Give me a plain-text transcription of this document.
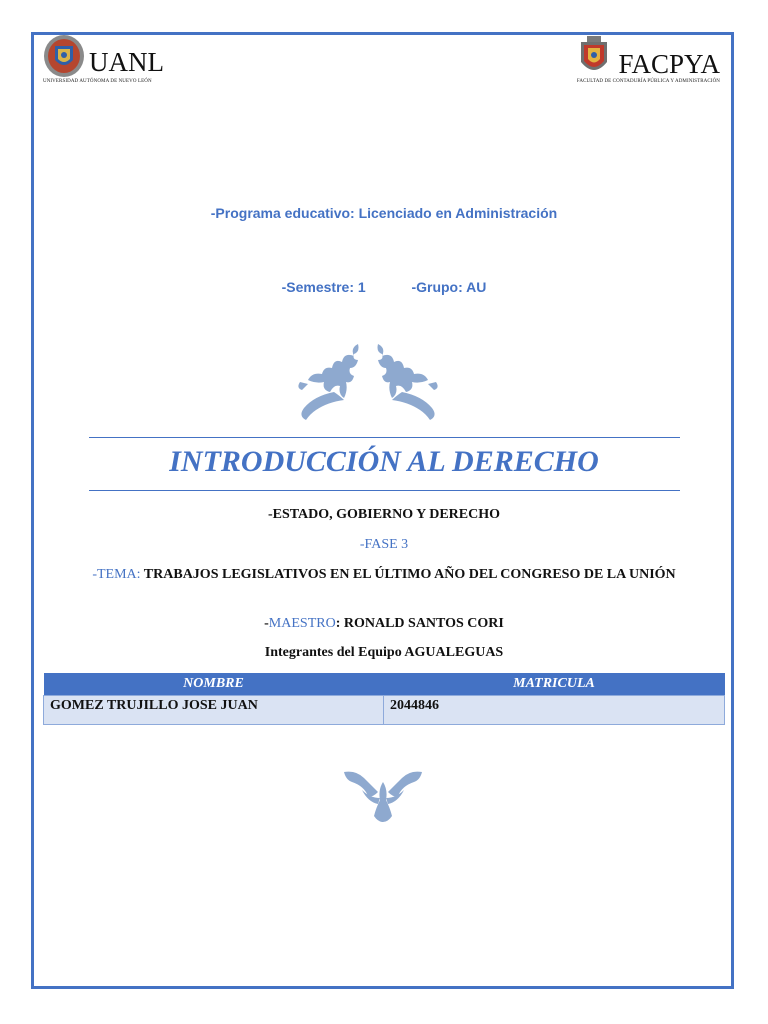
UANL
UNIVERSIDAD AUTÓNOMA DE NUEVO LEÓN
FACPYA
FACULTAD DE CONTADURÍA PÚBLICA Y ADMINISTRACIÓN
-Programa educativo: Licenciado en Administración
-Semestre: 1	-Grupo: AU
INTRODUCCIÓN AL DERECHO
-ESTADO, GOBIERNO Y DERECHO
-FASE 3
-TEMA: TRABAJOS LEGISLATIVOS EN EL ÚLTIMO AÑO DEL CONGRESO DE LA UNIÓN
-MAESTRO: RONALD SANTOS CORI
Integrantes del Equipo AGUALEGUAS
NOMBRE	MATRICULA
GOMEZ TRUJILLO JOSE JUAN	2044846
